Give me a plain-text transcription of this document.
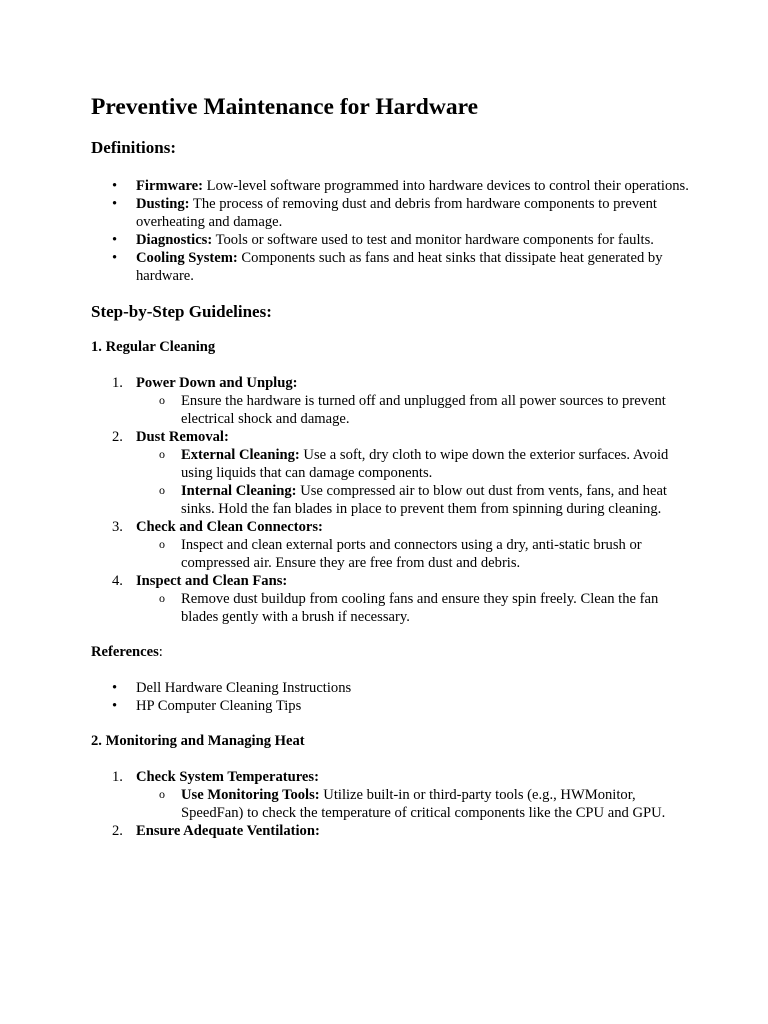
Preventive Maintenance for Hardware
Definitions:
• Firmware: Low-level software programmed into hardware devices to control their operations.
• Dusting: The process of removing dust and debris from hardware components to prevent overheating and damage.
• Diagnostics: Tools or software used to test and monitor hardware components for faults.
• Cooling System: Components such as fans and heat sinks that dissipate heat generated by hardware.
Step-by-Step Guidelines:
1. Regular Cleaning
1. Power Down and Unplug:
o Ensure the hardware is turned off and unplugged from all power sources to prevent electrical shock and damage.
2. Dust Removal:
o External Cleaning: Use a soft, dry cloth to wipe down the exterior surfaces. Avoid using liquids that can damage components.
o Internal Cleaning: Use compressed air to blow out dust from vents, fans, and heat sinks. Hold the fan blades in place to prevent them from spinning during cleaning.
3. Check and Clean Connectors:
o Inspect and clean external ports and connectors using a dry, anti-static brush or compressed air. Ensure they are free from dust and debris.
4. Inspect and Clean Fans:
o Remove dust buildup from cooling fans and ensure they spin freely. Clean the fan blades gently with a brush if necessary.

References:

• Dell Hardware Cleaning Instructions
• HP Computer Cleaning Tips
2. Monitoring and Managing Heat
1. Check System Temperatures:
o Use Monitoring Tools: Utilize built-in or third-party tools (e.g., HWMonitor, SpeedFan) to check the temperature of critical components like the CPU and GPU.
2. Ensure Adequate Ventilation:
